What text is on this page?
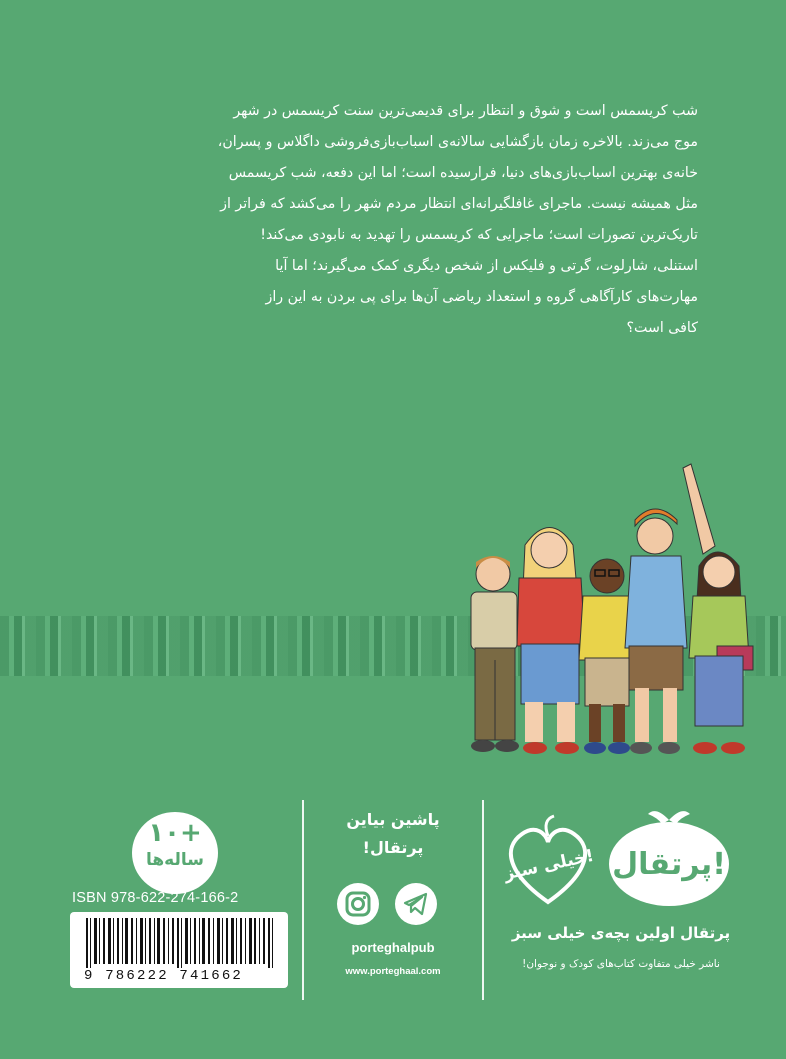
شب کریسمس است و شوق و انتظار برای قدیمی‌ترین سنت کریسمس در شهر

موج می‌زند. بالاخره زمان بازگشایی سالانه‌ی اسباب‌بازی‌فروشی داگلاس و پسران،

خانه‌ی بهترین اسباب‌بازی‌های دنیا، فرارسیده است؛ اما این دفعه، شب کریسمس

مثل همیشه نیست. ماجرای غافلگیرانه‌ای انتظار مردم شهر را می‌کشد که فراتر از

تاریک‌ترین تصورات است؛ ماجرایی که کریسمس را تهدید به نابودی می‌کند!

استنلی، شارلوت، گرتی و فلیکس از شخص دیگری کمک می‌گیرند؛ اما آیا

مهارت‌های کارآگاهی گروه و استعداد ریاضی آن‌ها برای پی بردن به این راز

کافی است؟

+۱۰
ساله‌ها
ISBN 978-622-274-166-2
9 786222 741662
پاشین بیاین
پرتقال!
porteghalpub
www.porteghaal.com
پرتقال!
خیلی سبز!
پرتقال اولین بچه‌ی خیلی سبز
ناشر خیلی متفاوت کتاب‌های کودک و نوجوان!
